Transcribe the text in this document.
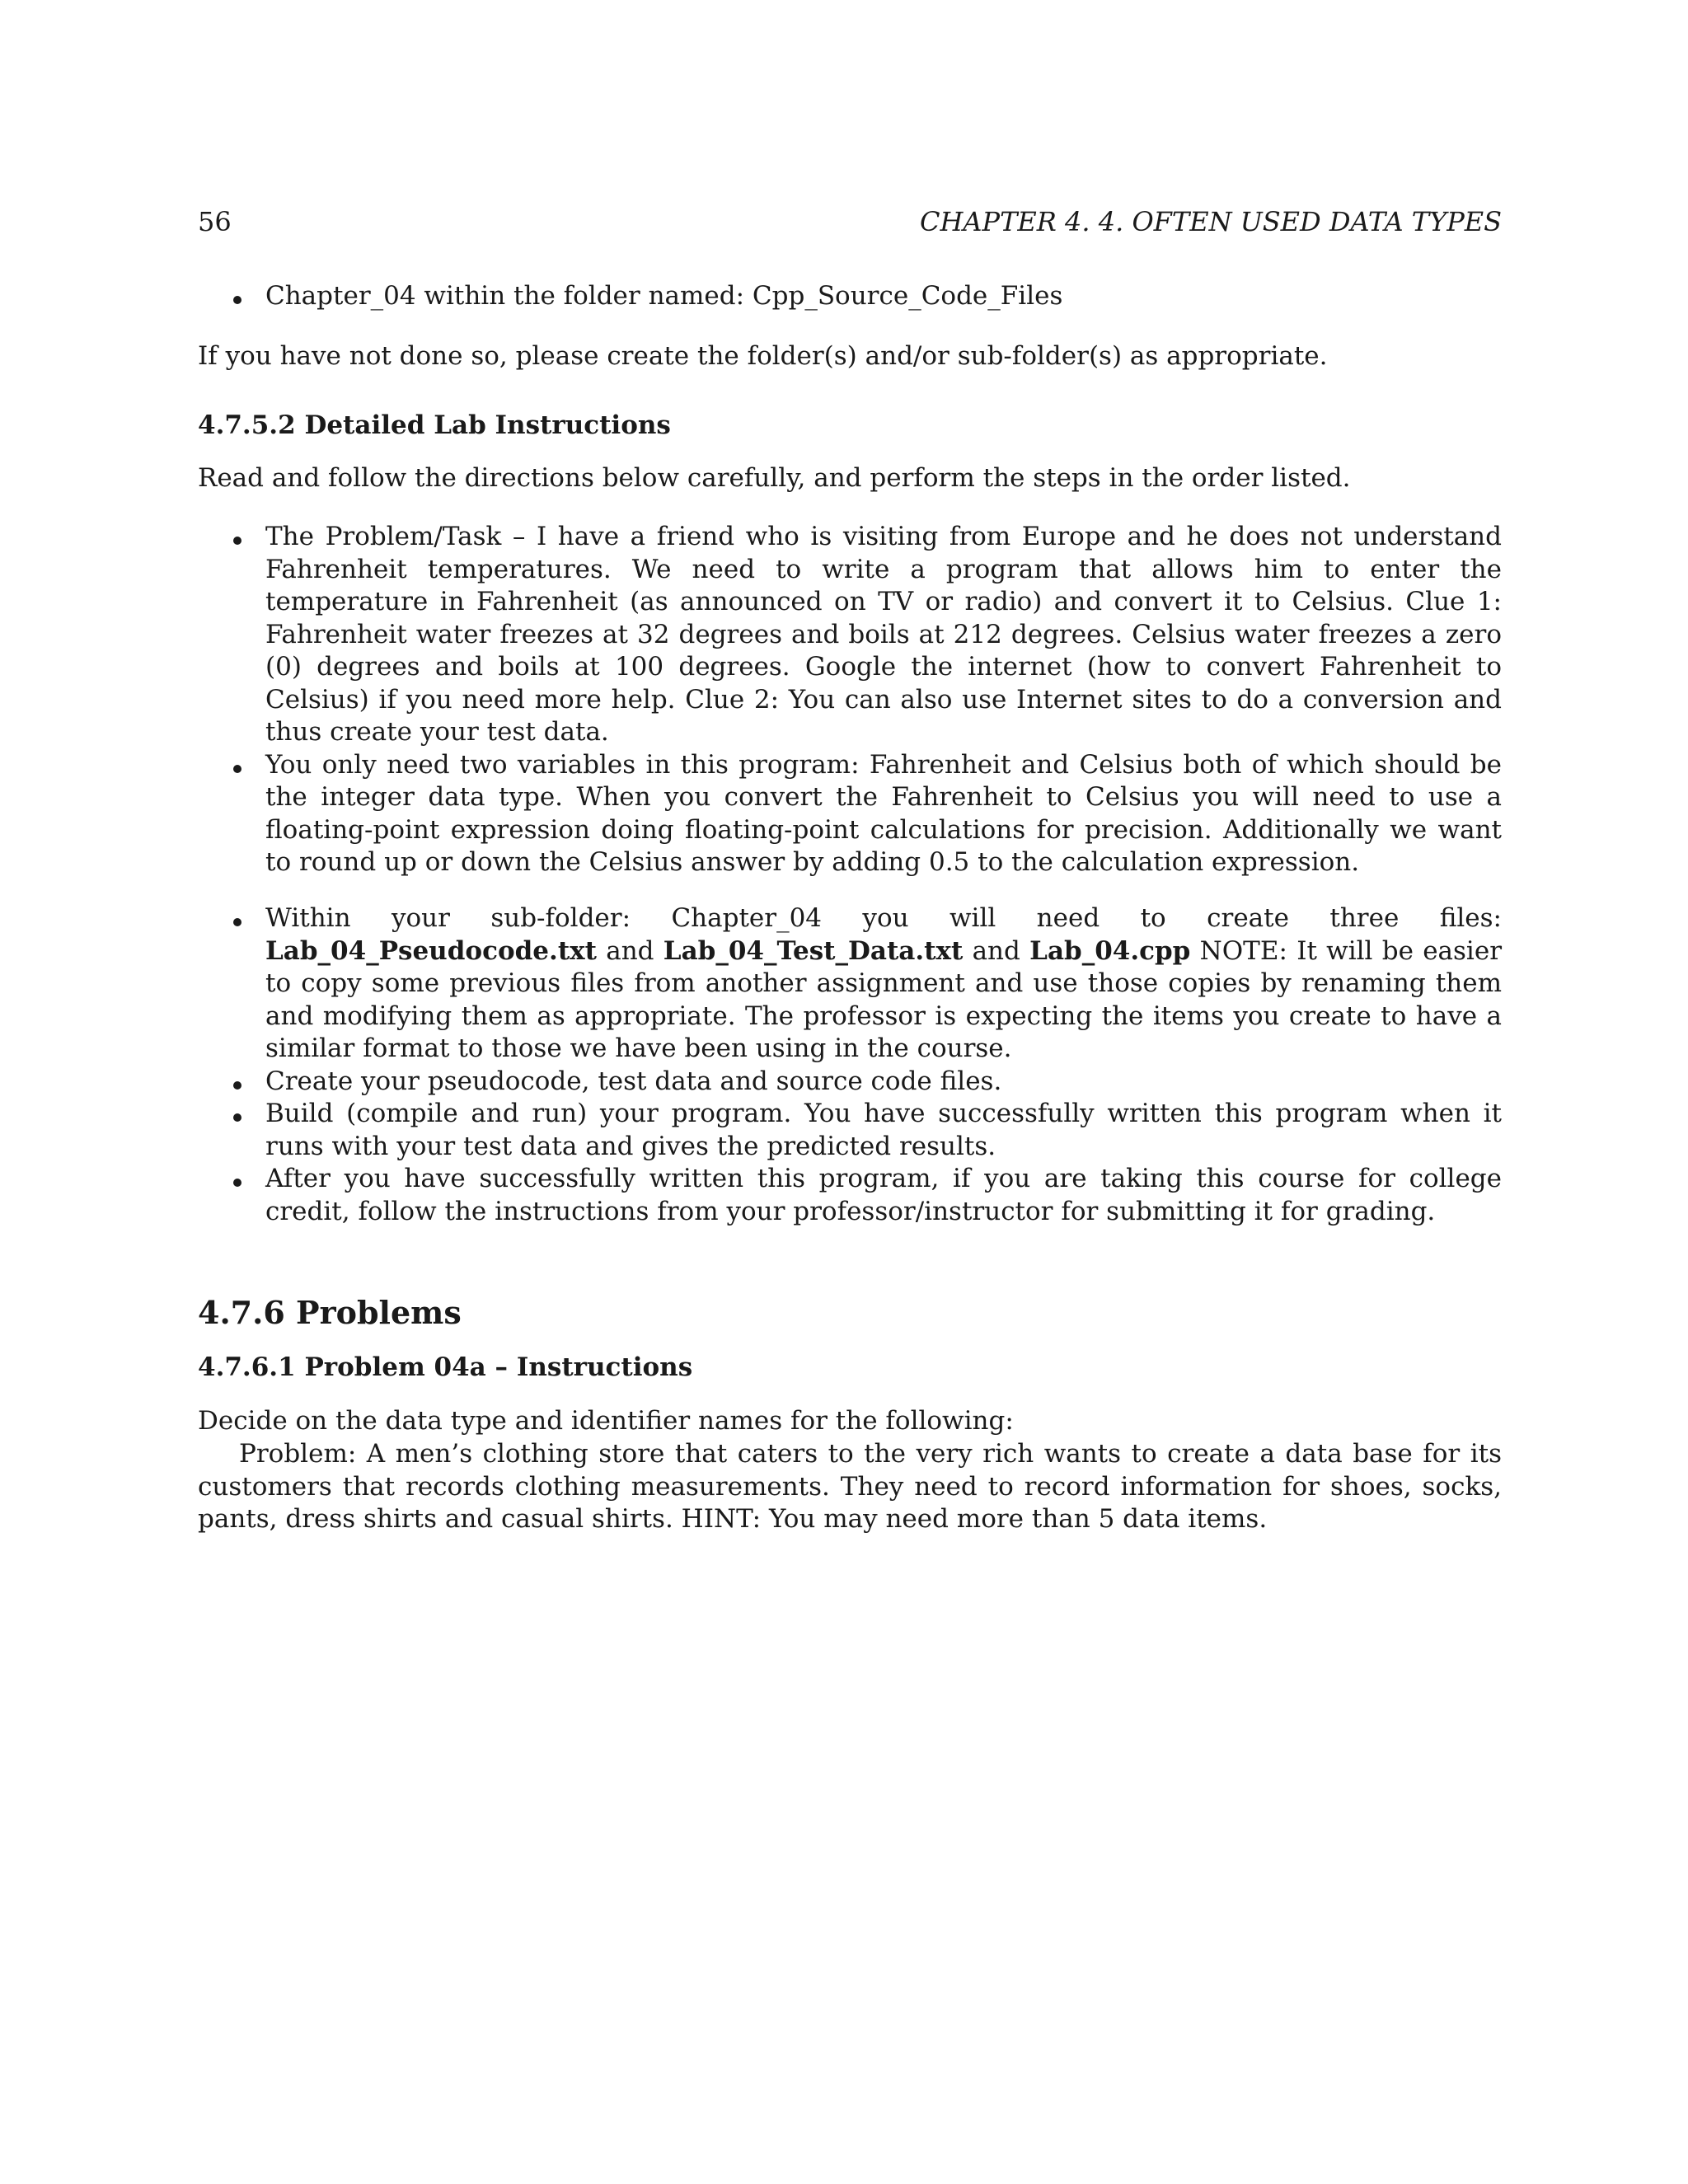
56	CHAPTER 4. 4. OFTEN USED DATA TYPES
Chapter_04 within the folder named: Cpp_Source_Code_Files

If you have not done so, please create the folder(s) and/or sub-folder(s) as appropriate.

4.7.5.2 Detailed Lab Instructions

Read and follow the directions below carefully, and perform the steps in the order listed.

The Problem/Task – I have a friend who is visiting from Europe and he does not understand Fahrenheit temperatures. We need to write a program that allows him to enter the temperature in Fahrenheit (as announced on TV or radio) and convert it to Celsius. Clue 1: Fahrenheit water freezes at 32 degrees and boils at 212 degrees. Celsius water freezes a zero (0) degrees and boils at 100 degrees. Google the internet (how to convert Fahrenheit to Celsius) if you need more help. Clue 2: You can also use Internet sites to do a conversion and thus create your test data.
You only need two variables in this program: Fahrenheit and Celsius both of which should be the integer data type. When you convert the Fahrenheit to Celsius you will need to use a floating-point expression doing floating-point calculations for precision. Additionally we want to round up or down the Celsius answer by adding 0.5 to the calculation expression.
Within your sub-folder: Chapter_04 you will need to create three files: Lab_04_Pseudocode.txt and Lab_04_Test_Data.txt and Lab_04.cpp NOTE: It will be easier to copy some previous files from another assignment and use those copies by renaming them and modifying them as appropriate. The professor is expecting the items you create to have a similar format to those we have been using in the course.
Create your pseudocode, test data and source code files.
Build (compile and run) your program. You have successfully written this program when it runs with your test data and gives the predicted results.
After you have successfully written this program, if you are taking this course for college credit, follow the instructions from your professor/instructor for submitting it for grading.

4.7.6 Problems

4.7.6.1 Problem 04a – Instructions

Decide on the data type and identifier names for the following:

Problem: A men’s clothing store that caters to the very rich wants to create a data base for its customers that records clothing measurements. They need to record information for shoes, socks, pants, dress shirts and casual shirts. HINT: You may need more than 5 data items.
